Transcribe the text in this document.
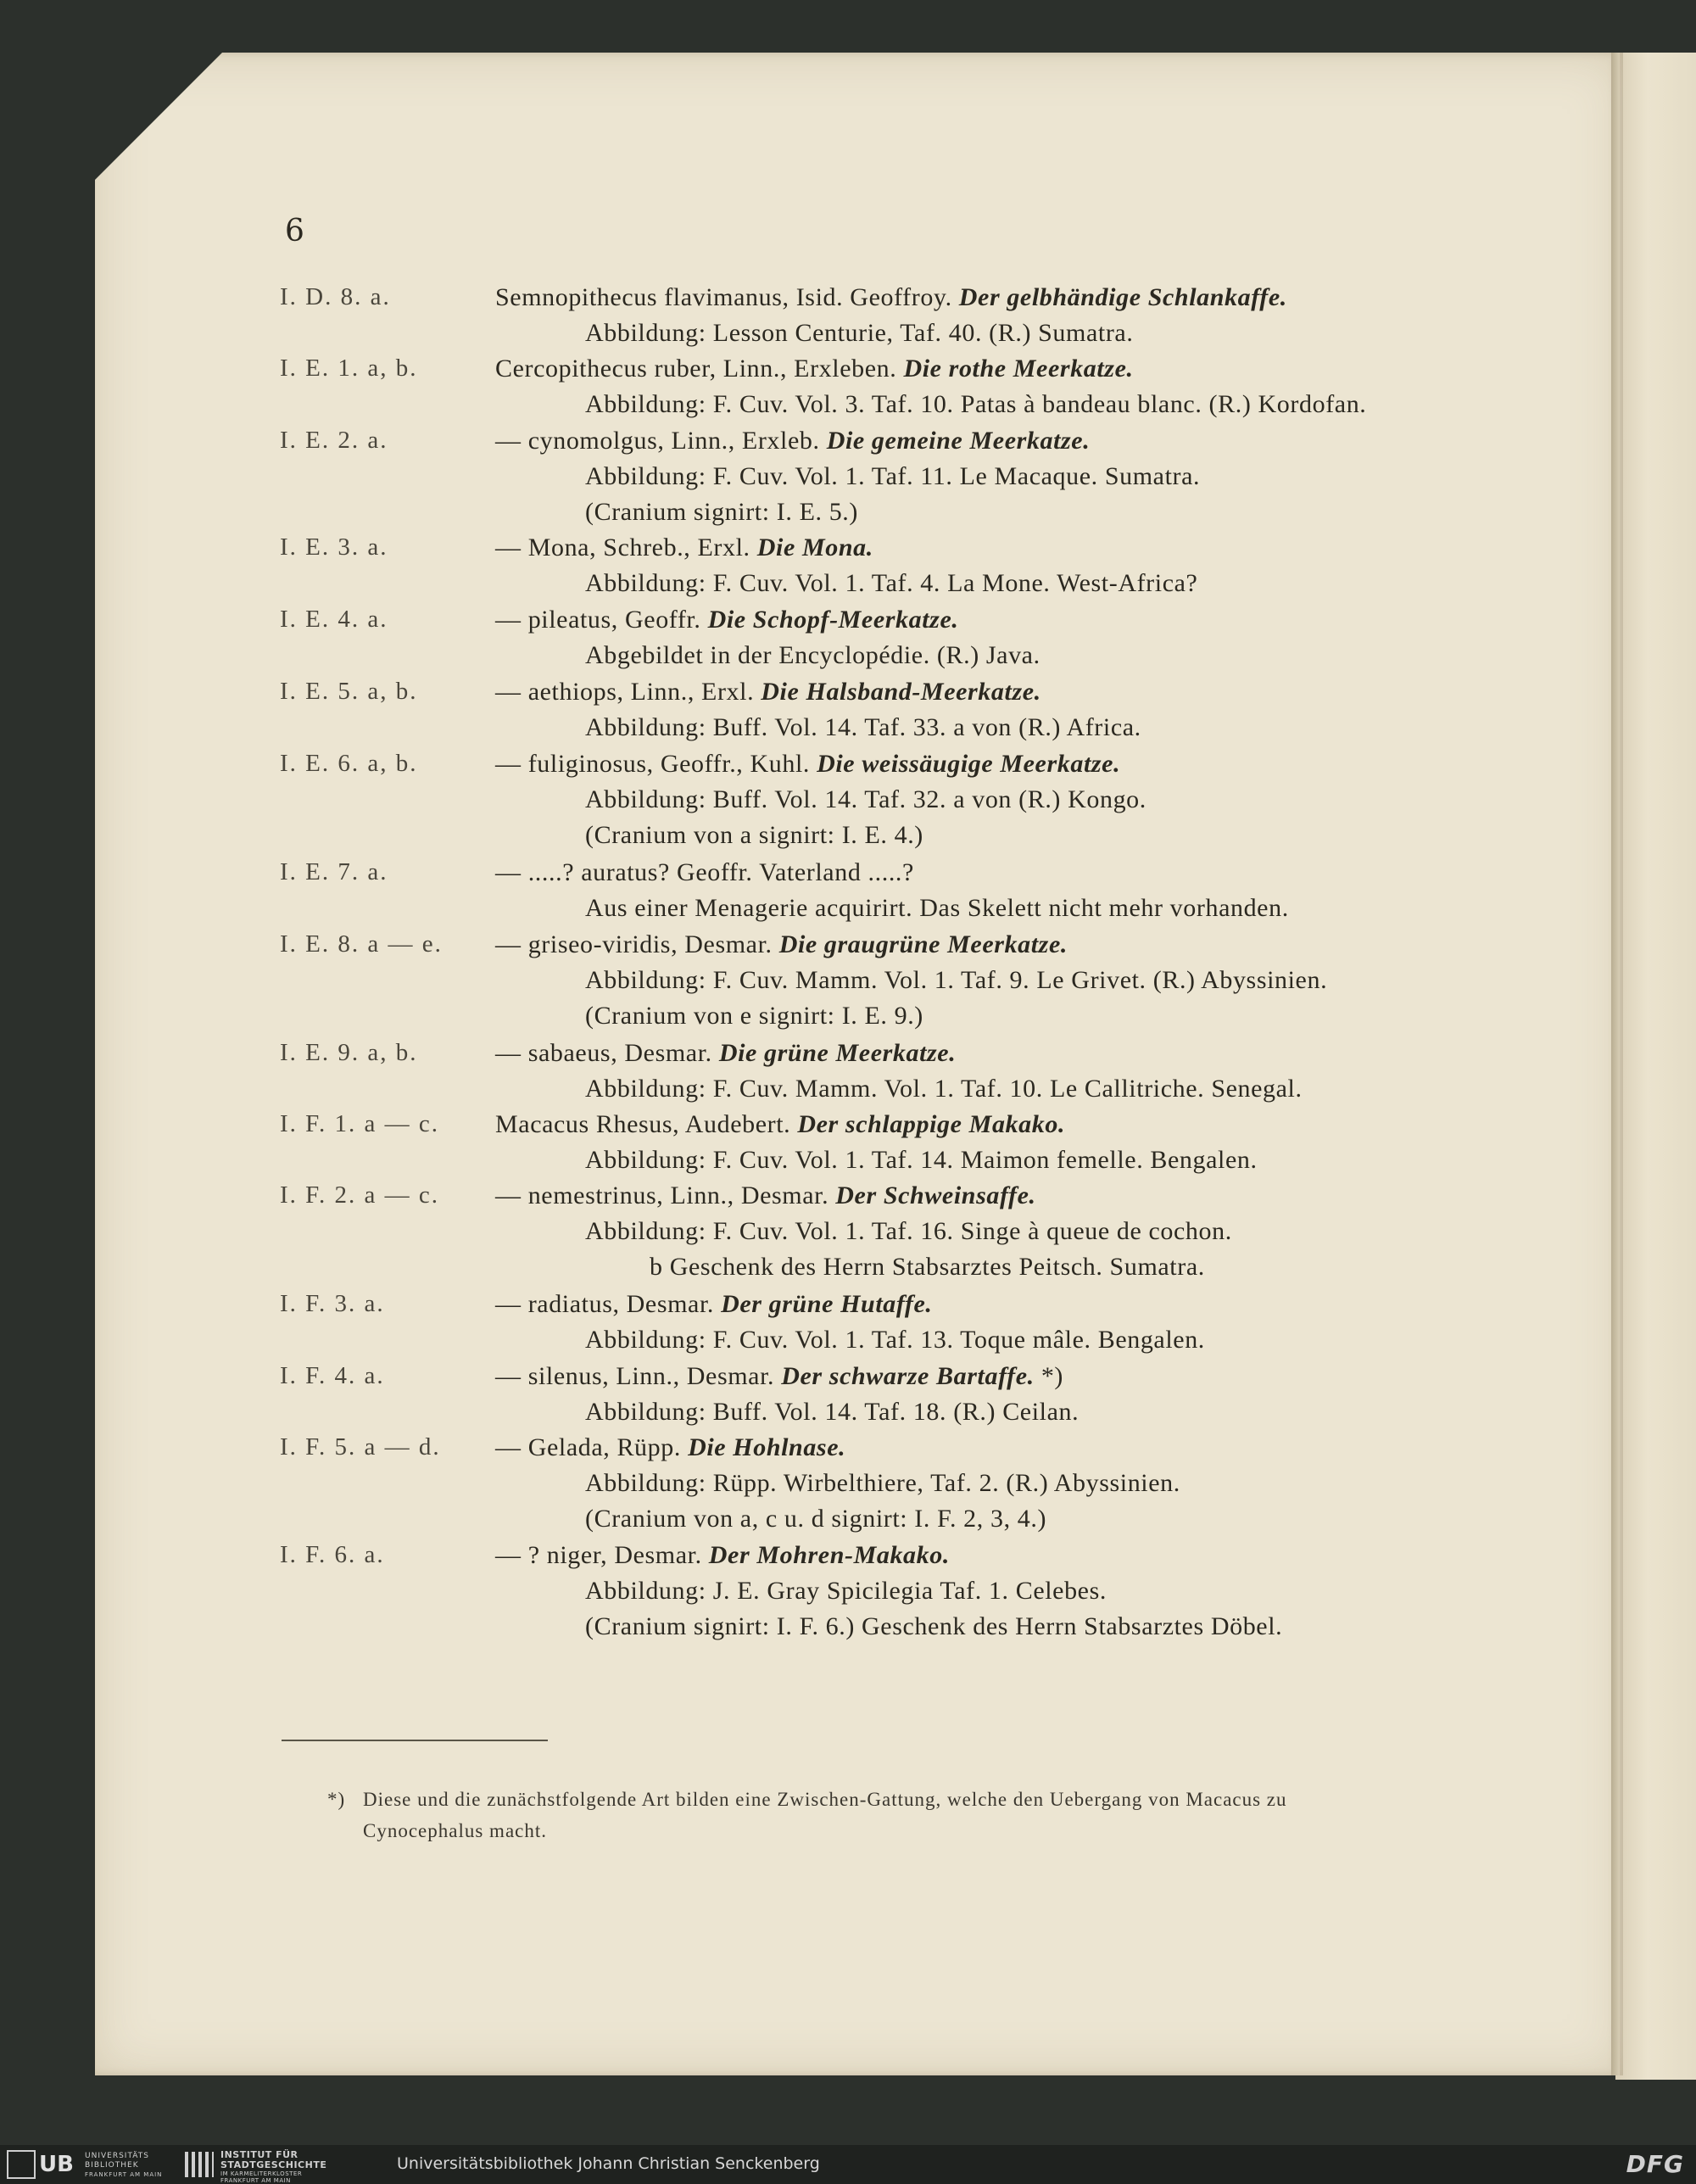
6
I. D. 8. a.	Semnopithecus flavimanus, Isid. Geoffroy. Der gelbhändige Schlankaffe.
Abbildung: Lesson Centurie, Taf. 40. (R.) Sumatra.
I. E. 1. a, b.	Cercopithecus ruber, Linn., Erxleben. Die rothe Meerkatze.
Abbildung: F. Cuv. Vol. 3. Taf. 10. Patas à bandeau blanc. (R.) Kordofan.
I. E. 2. a.	— cynomolgus, Linn., Erxleb. Die gemeine Meerkatze.
Abbildung: F. Cuv. Vol. 1. Taf. 11. Le Macaque. Sumatra.
(Cranium signirt: I. E. 5.)
I. E. 3. a.	— Mona, Schreb., Erxl. Die Mona.
Abbildung: F. Cuv. Vol. 1. Taf. 4. La Mone. West-Africa?
I. E. 4. a.	— pileatus, Geoffr. Die Schopf-Meerkatze.
Abgebildet in der Encyclopédie. (R.) Java.
I. E. 5. a, b.	— aethiops, Linn., Erxl. Die Halsband-Meerkatze.
Abbildung: Buff. Vol. 14. Taf. 33. a von (R.) Africa.
I. E. 6. a, b.	— fuliginosus, Geoffr., Kuhl. Die weissäugige Meerkatze.
Abbildung: Buff. Vol. 14. Taf. 32. a von (R.) Kongo.
(Cranium von a signirt: I. E. 4.)
I. E. 7. a.	— .....? auratus? Geoffr. Vaterland .....?
Aus einer Menagerie acquirirt. Das Skelett nicht mehr vorhanden.
I. E. 8. a — e. — griseo-viridis, Desmar. Die graugrüne Meerkatze.
Abbildung: F. Cuv. Mamm. Vol. 1. Taf. 9. Le Grivet. (R.) Abyssinien.
(Cranium von e signirt: I. E. 9.)
I. E. 9. a, b.	— sabaeus, Desmar. Die grüne Meerkatze.
Abbildung: F. Cuv. Mamm. Vol. 1. Taf. 10. Le Callitriche. Senegal.
I. F. 1. a — c. Macacus Rhesus, Audebert. Der schlappige Makako.
Abbildung: F. Cuv. Vol. 1. Taf. 14. Maimon femelle. Bengalen.
I. F. 2. a — c. — nemestrinus, Linn., Desmar. Der Schweinsaffe.
Abbildung: F. Cuv. Vol. 1. Taf. 16. Singe à queue de cochon.
b Geschenk des Herrn Stabsarztes Peitsch. Sumatra.
I. F. 3. a.	— radiatus, Desmar. Der grüne Hutaffe.
Abbildung: F. Cuv. Vol. 1. Taf. 13. Toque mâle. Bengalen.
I. F. 4. a.	— silenus, Linn., Desmar. Der schwarze Bartaffe. *)
Abbildung: Buff. Vol. 14. Taf. 18. (R.) Ceilan.
I. F. 5. a — d. — Gelada, Rüpp. Die Hohlnase.
Abbildung: Rüpp. Wirbelthiere, Taf. 2. (R.) Abyssinien.
(Cranium von a, c u. d signirt: I. F. 2, 3, 4.)
I. F. 6. a.	— ? niger, Desmar. Der Mohren-Makako.
Abbildung: J. E. Gray Spicilegia Taf. 1. Celebes.
(Cranium signirt: I. F. 6.) Geschenk des Herrn Stabsarztes Döbel.
*) Diese und die zunächstfolgende Art bilden eine Zwischen-Gattung, welche den Uebergang von Macacus zu
Cynocephalus macht.
UB UNIVERSITÄTS
BIBLIOTHEK
FRANKFURT AM MAIN
INSTITUT FÜR
STADTGESCHICHTE
IM KARMELITERKLOSTER
FRANKFURT AM MAIN
Universitätsbibliothek Johann Christian Senckenberg	DFG
